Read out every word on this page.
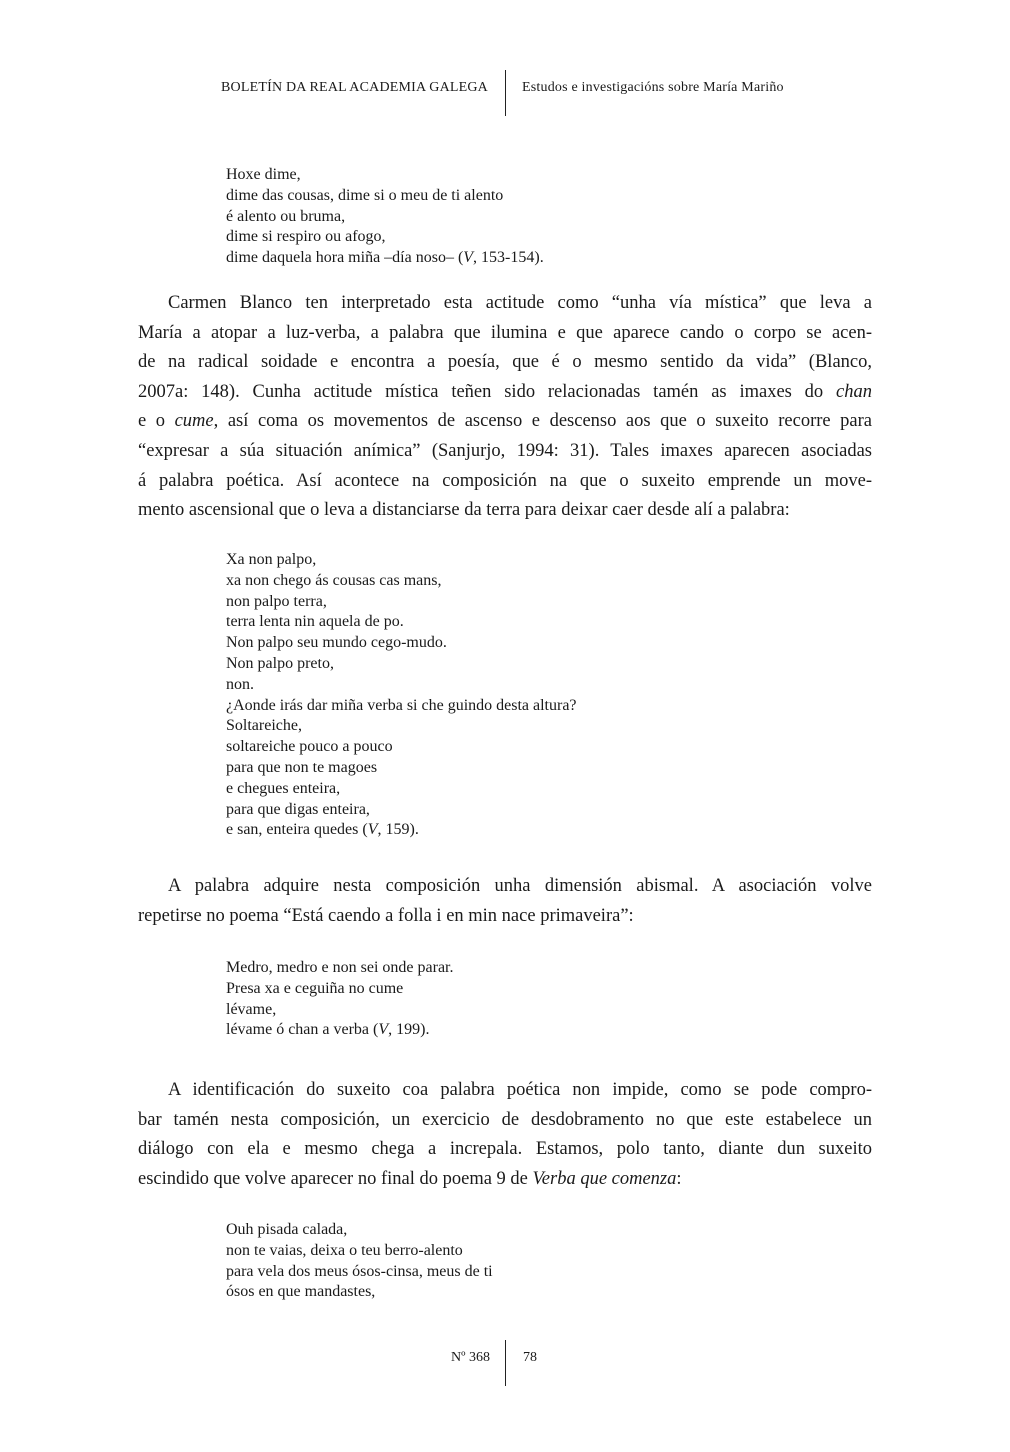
BOLETÍN DA REAL ACADEMIA GALEGA Estudos e investigacións sobre María Mariño
Hoxe dime,
dime das cousas, dime si o meu de ti alento
é alento ou bruma,
dime si respiro ou afogo,
dime daquela hora miña –día noso– (V, 153-154).
Carmen Blanco ten interpretado esta actitude como “unha vía mística” que leva a
María a atopar a luz-verba, a palabra que ilumina e que aparece cando o corpo se acen-
de na radical soidade e encontra a poesía, que é o mesmo sentido da vida” (Blanco,
2007a: 148). Cunha actitude mística teñen sido relacionadas tamén as imaxes do chan
e o cume, así coma os movementos de ascenso e descenso aos que o suxeito recorre para
“expresar a súa situación anímica” (Sanjurjo, 1994: 31). Tales imaxes aparecen asociadas
á palabra poética. Así acontece na composición na que o suxeito emprende un move-
mento ascensional que o leva a distanciarse da terra para deixar caer desde alí a palabra:
Xa non palpo,
xa non chego ás cousas cas mans,
non palpo terra,
terra lenta nin aquela de po.
Non palpo seu mundo cego-mudo.
Non palpo preto,
non.
¿Aonde irás dar miña verba si che guindo desta altura?
Soltareiche,
soltareiche pouco a pouco
para que non te magoes
e chegues enteira,
para que digas enteira,
e san, enteira quedes (V, 159).
A palabra adquire nesta composición unha dimensión abismal. A asociación volve
repetirse no poema “Está caendo a folla i en min nace primaveira”:
Medro, medro e non sei onde parar.
Presa xa e ceguiña no cume
lévame,
lévame ó chan a verba (V, 199).
A identificación do suxeito coa palabra poética non impide, como se pode compro-
bar tamén nesta composición, un exercicio de desdobramento no que este estabelece un
diálogo con ela e mesmo chega a increpala. Estamos, polo tanto, diante dun suxeito
escindido que volve aparecer no final do poema 9 de Verba que comenza:
Ouh pisada calada,
non te vaias, deixa o teu berro-alento
para vela dos meus ósos-cinsa, meus de ti
ósos en que mandastes,
Nº 368 78
